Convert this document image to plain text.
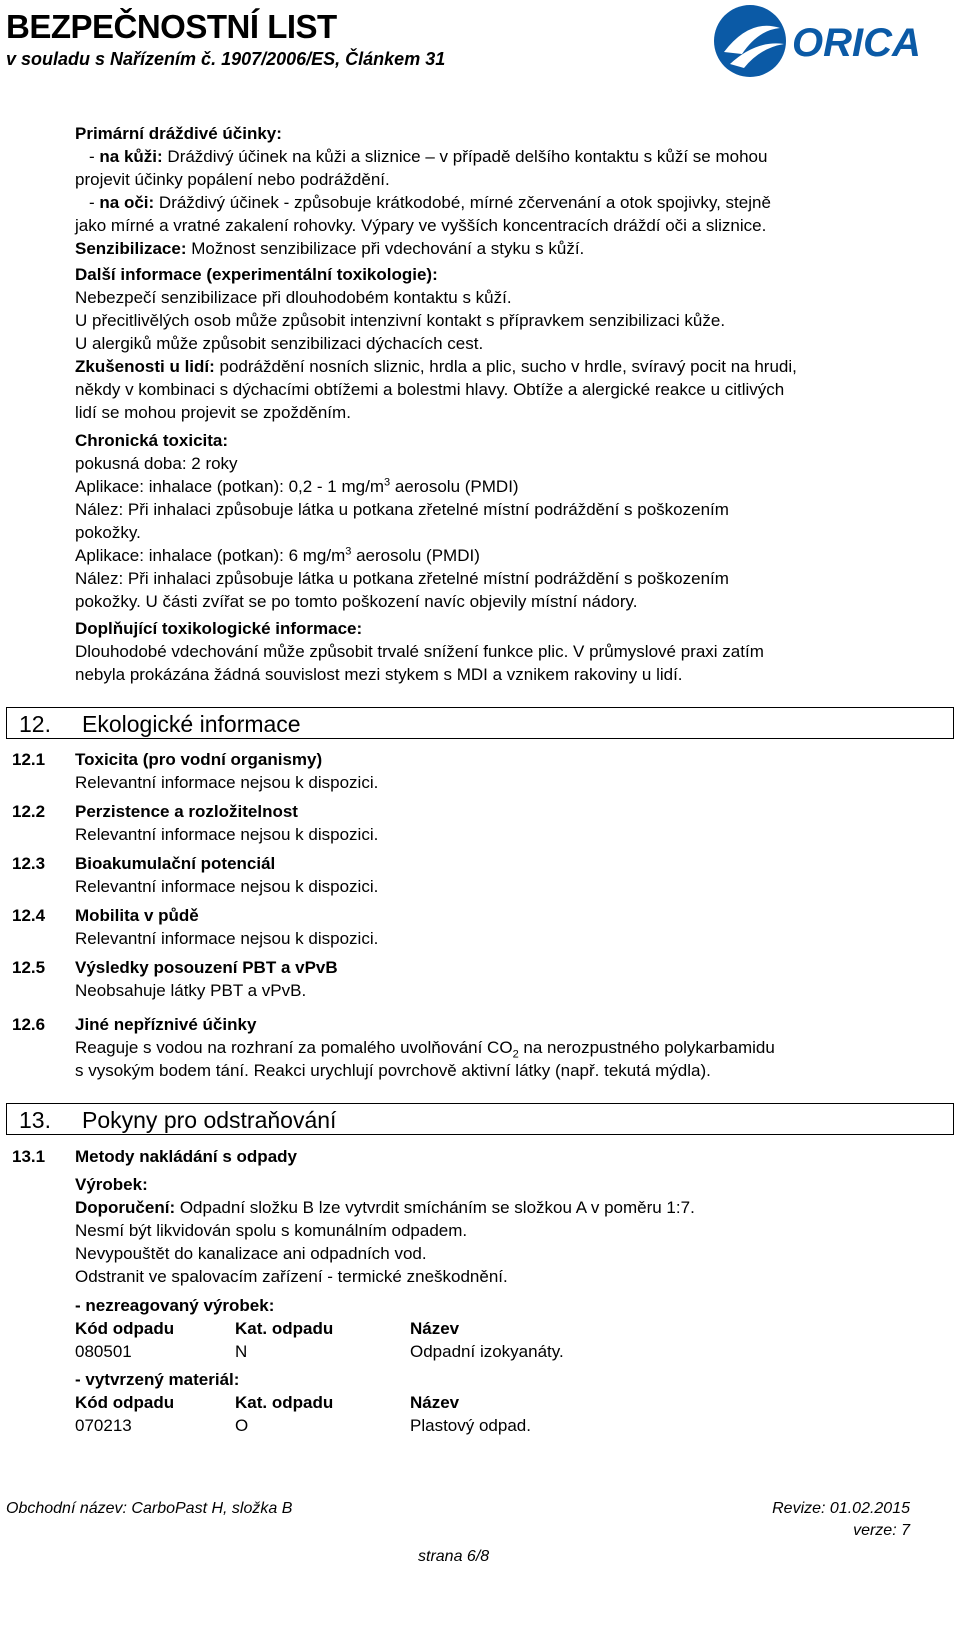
BEZPEČNOSTNÍ LIST
v souladu s Nařízením č. 1907/2006/ES, Článkem 31	ORICA
Primární dráždivé účinky:
- na kůži: Dráždivý účinek na kůži a sliznice – v případě delšího kontaktu s kůží se mohou
projevit účinky popálení nebo podráždění.
- na oči: Dráždivý účinek - způsobuje krátkodobé, mírné zčervenání a otok spojivky, stejně
jako mírné a vratné zakalení rohovky. Výpary ve vyšších koncentracích dráždí oči a sliznice.
Senzibilizace: Možnost senzibilizace při vdechování a styku s kůží.
Další informace (experimentální toxikologie):
Nebezpečí senzibilizace při dlouhodobém kontaktu s kůží.
U přecitlivělých osob může způsobit intenzivní kontakt s přípravkem senzibilizaci kůže.
U alergiků může způsobit senzibilizaci dýchacích cest.
Zkušenosti u lidí: podráždění nosních sliznic, hrdla a plic, sucho v hrdle, svíravý pocit na hrudi,
někdy v kombinaci s dýchacími obtížemi a bolestmi hlavy. Obtíže a alergické reakce u citlivých
lidí se mohou projevit se zpožděním.
Chronická toxicita:
pokusná doba: 2 roky
Aplikace: inhalace (potkan): 0,2 - 1 $mg/m^3$ aerosolu (PMDI)
Nález: Při inhalaci způsobuje látka u potkana zřetelné místní podráždění s poškozením
pokožky.
Aplikace: inhalace (potkan): 6 $mg/m^3$ aerosolu (PMDI)
Nález: Při inhalaci způsobuje látka u potkana zřetelné místní podráždění s poškozením
pokožky. U části zvířat se po tomto poškození navíc objevily místní nádory.
Doplňující toxikologické informace:
Dlouhodobé vdechování může způsobit trvalé snížení funkce plic. V průmyslové praxi zatím
nebyla prokázána žádná souvislost mezi stykem s MDI a vznikem rakoviny u lidí.
12. Ekologické informace
12.1 Toxicita (pro vodní organismy)
Relevantní informace nejsou k dispozici.
12.2 Perzistence a rozložitelnost
Relevantní informace nejsou k dispozici.
12.3 Bioakumulační potenciál
Relevantní informace nejsou k dispozici.
12.4 Mobilita v půdě
Relevantní informace nejsou k dispozici.
12.5 Výsledky posouzení PBT a vPvB
Neobsahuje látky PBT a vPvB.
12.6 Jiné nepříznivé účinky
Reaguje s vodou na rozhraní za pomalého uvolňování $CO_2$ na nerozpustného polykarbamidu
s vysokým bodem tání. Reakci urychlují povrchově aktivní látky (např. tekutá mýdla).
13. Pokyny pro odstraňování
13.1 Metody nakládání s odpady
Výrobek:
Doporučení: Odpadní složku B lze vytvrdit smícháním se složkou A v poměru 1:7.
Nesmí být likvidován spolu s komunálním odpadem.
Nevypouštět do kanalizace ani odpadních vod.
Odstranit ve spalovacím zařízení - termické zneškodnění.
- nezreagovaný výrobek:
Kód odpadu	Kat. odpadu	Název
080501	N	Odpadní izokyanáty.
- vytvrzený materiál:
Kód odpadu	Kat. odpadu	Název
070213	O	Plastový odpad.
Obchodní název: CarboPast H, složka B	Revize: 01.02.2015
verze: 7
strana 6/8
